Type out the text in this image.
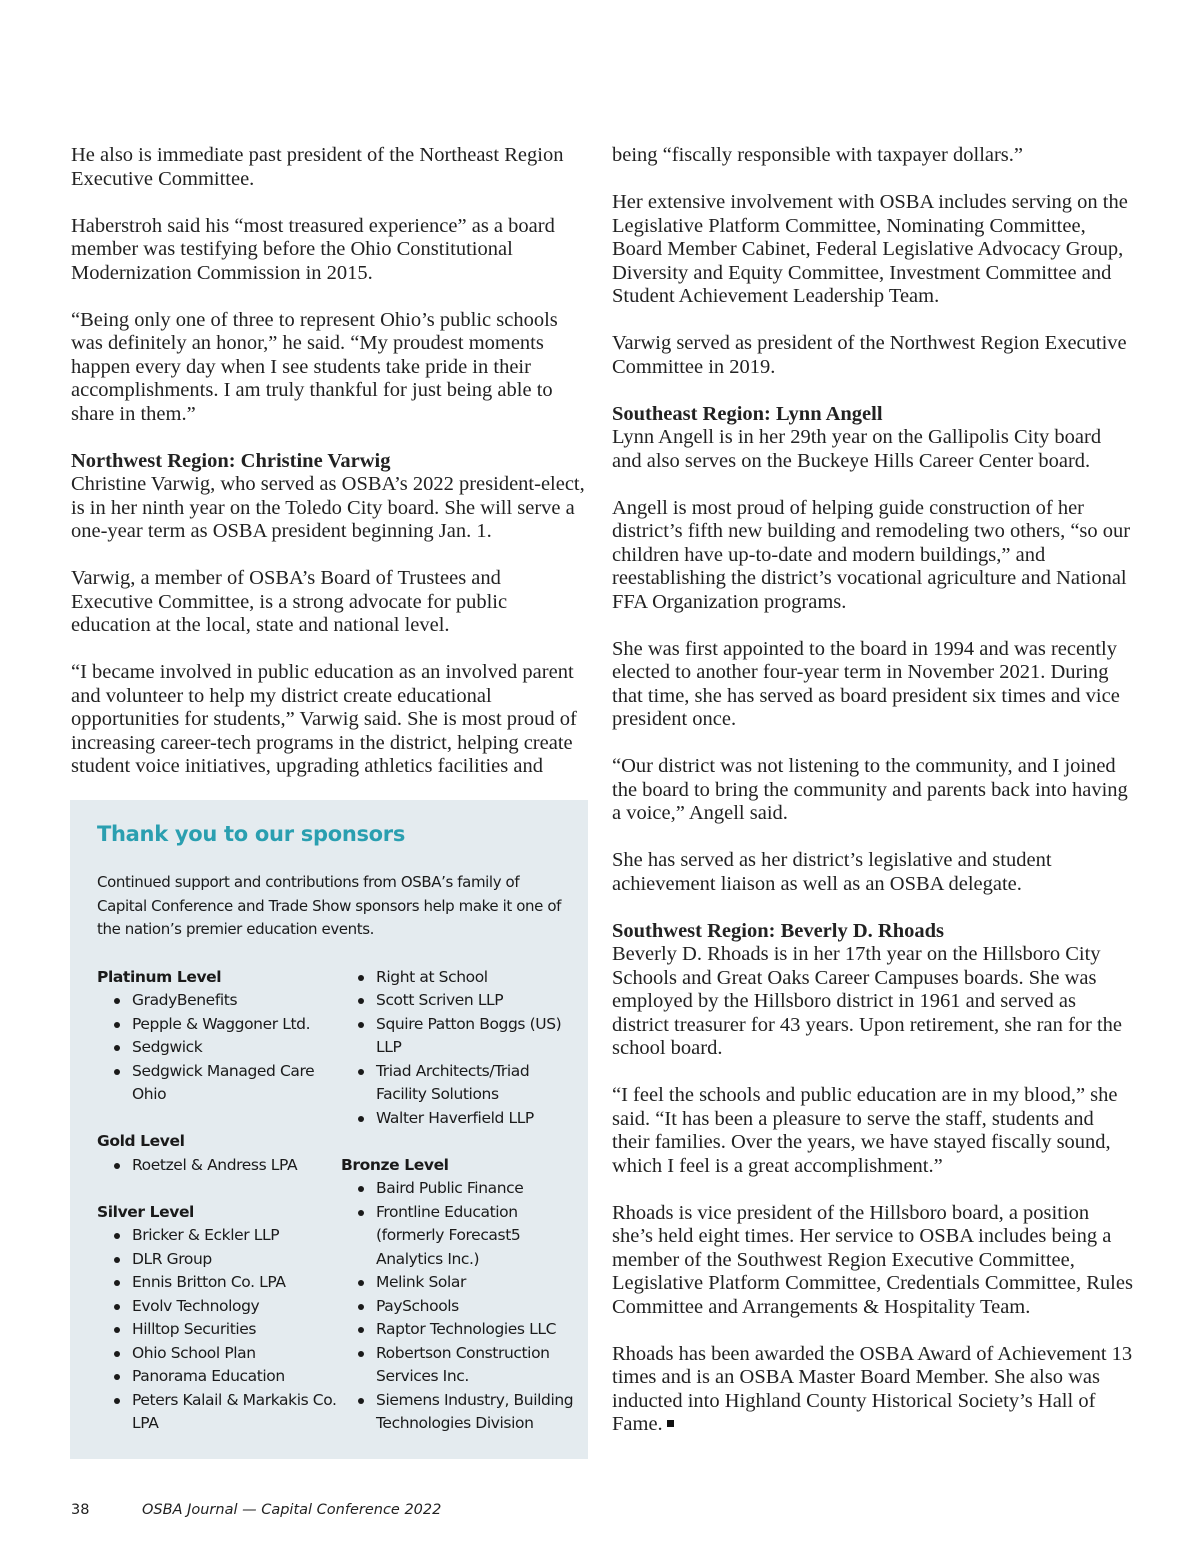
He also is immediate past president of the Northeast Region Executive Committee.

Haberstroh said his “most treasured experience” as a board member was testifying before the Ohio Constitutional Modernization Commission in 2015.

“Being only one of three to represent Ohio’s public schools was definitely an honor,” he said. “My proudest moments happen every day when I see students take pride in their accomplishments. I am truly thankful for just being able to share in them.”

Northwest Region: Christine Varwig

Christine Varwig, who served as OSBA’s 2022 president-elect, is in her ninth year on the Toledo City board. She will serve a one-year term as OSBA president beginning Jan. 1.

Varwig, a member of OSBA’s Board of Trustees and Executive Committee, is a strong advocate for public education at the local, state and national level.

“I became involved in public education as an involved parent and volunteer to help my district create educational opportunities for students,” Varwig said. She is most proud of increasing career-tech programs in the district, helping create student voice initiatives, upgrading athletics facilities and

Thank you to our sponsors

Continued support and contributions from OSBA’s family of Capital Conference and Trade Show sponsors help make it one of the nation’s premier education events.

Platinum Level

GradyBenefits
Pepple & Waggoner Ltd.
Sedgwick
Sedgwick Managed Care Ohio

Gold Level

Roetzel & Andress LPA

Silver Level

Bricker & Eckler LLP
DLR Group
Ennis Britton Co. LPA
Evolv Technology
Hilltop Securities
Ohio School Plan
Panorama Education
Peters Kalail & Markakis Co. LPA
Right at School
Scott Scriven LLP
Squire Patton Boggs (US) LLP
Triad Architects/Triad Facility Solutions
Walter Haverfield LLP

Bronze Level

Baird Public Finance
Frontline Education (formerly Forecast5 Analytics Inc.)
Melink Solar
PaySchools
Raptor Technologies LLC
Robertson Construction Services Inc.
Siemens Industry, Building Technologies Division

being “fiscally responsible with taxpayer dollars.”

Her extensive involvement with OSBA includes serving on the Legislative Platform Committee, Nominating Committee, Board Member Cabinet, Federal Legislative Advocacy Group, Diversity and Equity Committee, Investment Committee and Student Achievement Leadership Team.

Varwig served as president of the Northwest Region Executive Committee in 2019.

Southeast Region: Lynn Angell

Lynn Angell is in her 29th year on the Gallipolis City board and also serves on the Buckeye Hills Career Center board.

Angell is most proud of helping guide construction of her district’s fifth new building and remodeling two others, “so our children have up-to-date and modern buildings,” and reestablishing the district’s vocational agriculture and National FFA Organization programs.

She was first appointed to the board in 1994 and was recently elected to another four-year term in November 2021. During that time, she has served as board president six times and vice president once.

“Our district was not listening to the community, and I joined the board to bring the community and parents back into having a voice,” Angell said.

She has served as her district’s legislative and student achievement liaison as well as an OSBA delegate.

Southwest Region: Beverly D. Rhoads

Beverly D. Rhoads is in her 17th year on the Hillsboro City Schools and Great Oaks Career Campuses boards. She was employed by the Hillsboro district in 1961 and served as district treasurer for 43 years. Upon retirement, she ran for the school board.

“I feel the schools and public education are in my blood,” she said. “It has been a pleasure to serve the staff, students and their families. Over the years, we have stayed fiscally sound, which I feel is a great accomplishment.”

Rhoads is vice president of the Hillsboro board, a position she’s held eight times. Her service to OSBA includes being a member of the Southwest Region Executive Committee, Legislative Platform Committee, Credentials Committee, Rules Committee and Arrangements & Hospitality Team.

Rhoads has been awarded the OSBA Award of Achievement 13 times and is an OSBA Master Board Member. She also was inducted into Highland County Historical Society’s Hall of Fame.

38	OSBA Journal — Capital Conference 2022
